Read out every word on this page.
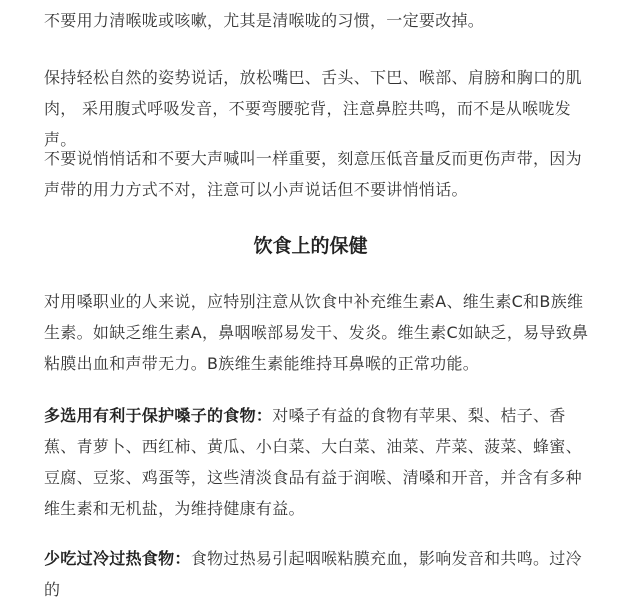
不要用力清喉咙或咳嗽，尤其是清喉咙的习惯，一定要改掉。

保持轻松自然的姿势说话，放松嘴巴、舌头、下巴、喉部、肩膀和胸口的肌肉， 采用腹式呼吸发音，不要弯腰驼背，注意鼻腔共鸣，而不是从喉咙发声。

不要说悄悄话和不要大声喊叫一样重要，刻意压低音量反而更伤声带，因为声带的用力方式不对，注意可以小声说话但不要讲悄悄话。

饮食上的保健

对用嗓职业的人来说，应特别注意从饮食中补充维生素A、维生素C和B族维生素。如缺乏维生素A，鼻咽喉部易发干、发炎。维生素C如缺乏，易导致鼻粘膜出血和声带无力。B族维生素能维持耳鼻喉的正常功能。

多选用有利于保护嗓子的食物：对嗓子有益的食物有苹果、梨、桔子、香蕉、青萝卜、西红柿、黄瓜、小白菜、大白菜、油菜、芹菜、菠菜、蜂蜜、豆腐、豆浆、鸡蛋等，这些清淡食品有益于润喉、清嗓和开音，并含有多种维生素和无机盐，为维持健康有益。

少吃过冷过热食物：食物过热易引起咽喉粘膜充血，影响发音和共鸣。过冷的
